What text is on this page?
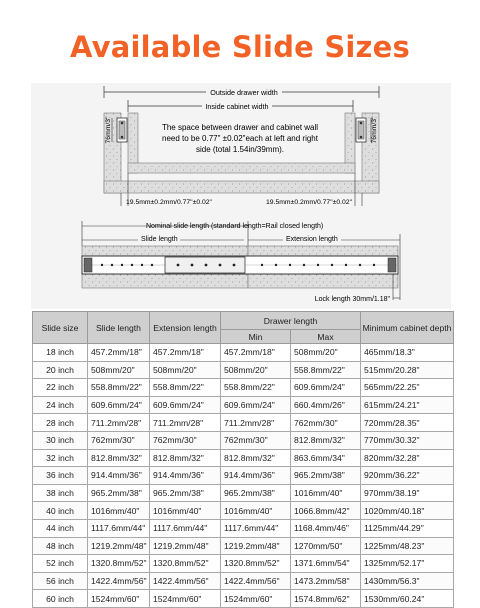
Available Slide Sizes
Outside drawer width
Inside cabinet width
76mm/3"	76mm/3"
The space between drawer and cabinet wall
need to be 0.77" ±0.02"each at left and right
side (total 1.54in/39mm).
19.5mm±0.2mm/0.77"±0.02"	19.5mm±0.2mm/0.77"±0.02"
Nominal slide length (standard length=Rail closed length)
Slide length	Extension length
Lock length 30mm/1.18"
Slide size	Slide length	Extension length	Drawer length		Minimum cabinet depth
			Min	Max	
18 inch	457.2mm/18"	457.2mm/18"	457.2mm/18"	508mm/20"	465mm/18.3"
20 inch	508mm/20"	508mm/20"	508mm/20"	558.8mm/22"	515mm/20.28"
22 inch	558.8mm/22"	558.8mm/22"	558.8mm/22"	609.6mm/24"	565mm/22.25"
24 inch	609.6mm/24"	609.6mm/24"	609.6mm/24"	660.4mm/26"	615mm/24.21"
28 inch	711.2mm/28"	711.2mm/28"	711.2mm/28"	762mm/30"	720mm/28.35"
30 inch	762mm/30"	762mm/30"	762mm/30"	812.8mm/32"	770mm/30.32"
32 inch	812.8mm/32"	812.8mm/32"	812.8mm/32"	863.6mm/34"	820mm/32.28"
36 inch	914.4mm/36"	914.4mm/36"	914.4mm/36"	965.2mm/38"	920mm/36.22"
38 inch	965.2mm/38"	965.2mm/38"	965.2mm/38"	1016mm/40"	970mm/38.19"
40 inch	1016mm/40"	1016mm/40"	1016mm/40"	1066.8mm/42"	1020mm/40.18"
44 inch	1117.6mm/44"	1117.6mm/44"	1117.6mm/44"	1168.4mm/46"	1125mm/44.29"
48 inch	1219.2mm/48"	1219.2mm/48"	1219.2mm/48"	1270mm/50"	1225mm/48.23"
52 inch	1320.8mm/52"	1320.8mm/52"	1320.8mm/52"	1371.6mm/54"	1325mm/52.17"
56 inch	1422.4mm/56"	1422.4mm/56"	1422.4mm/56"	1473.2mm/58"	1430mm/56.3"
60 inch	1524mm/60"	1524mm/60"	1524mm/60"	1574.8mm/62"	1530mm/60.24"
